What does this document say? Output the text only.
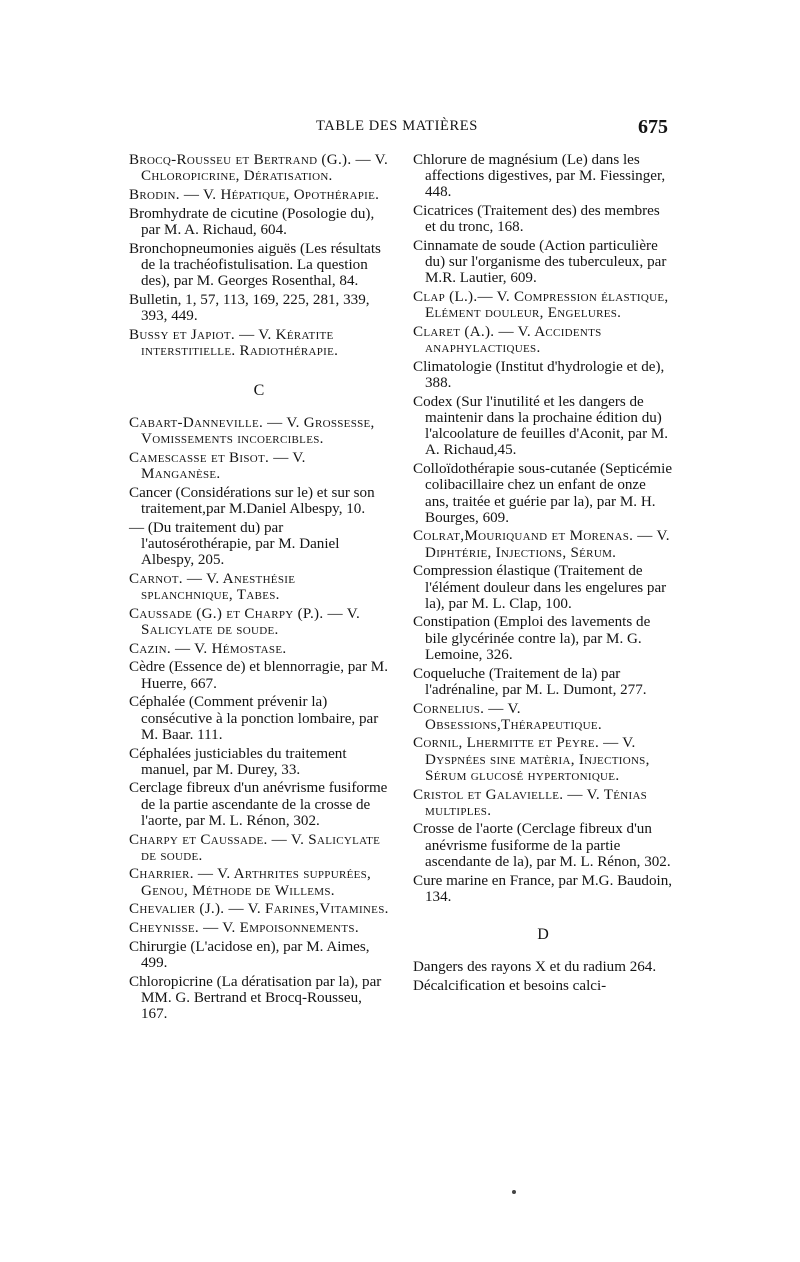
TABLE DES MATIÈRES	675

Brocq-Rousseu et Bertrand (G.). — V. Chloropicrine, Dératisation.

Brodin. — V. Hépatique, Opothérapie.

Bromhydrate de cicutine (Posologie du), par M. A. Richaud, 604.

Bronchopneumonies aiguës (Les résultats de la trachéofistulisation. La question des), par M. Georges Rosenthal, 84.

Bulletin, 1, 57, 113, 169, 225, 281, 339, 393, 449.

Bussy et Japiot. — V. Kératite interstitielle. Radiothérapie.

C

Cabart-Danneville. — V. Grossesse, Vomissements incoercibles.

Camescasse et Bisot. — V. Manganèse.

Cancer (Considérations sur le) et sur son traitement,par M.Daniel Albespy, 10.

— (Du traitement du) par l'autosérothérapie, par M. Daniel Albespy, 205.

Carnot. — V. Anesthésie splanchnique, Tabes.

Caussade (G.) et Charpy (P.). — V. Salicylate de soude.

Cazin. — V. Hémostase.

Cèdre (Essence de) et blennorragie, par M. Huerre, 667.

Céphalée (Comment prévenir la) consécutive à la ponction lombaire, par M. Baar. 111.

Céphalées justiciables du traitement manuel, par M. Durey, 33.

Cerclage fibreux d'un anévrisme fusiforme de la partie ascendante de la crosse de l'aorte, par M. L. Rénon, 302.

Charpy et Caussade. — V. Salicylate de soude.

Charrier. — V. Arthrites suppurées, Genou, Méthode de Willems.

Chevalier (J.). — V. Farines,Vitamines.

Cheynisse. — V. Empoisonnements.

Chirurgie (L'acidose en), par M. Aimes, 499.

Chloropicrine (La dératisation par la), par MM. G. Bertrand et Brocq-Rousseu, 167.

Chlorure de magnésium (Le) dans les affections digestives, par M. Fiessinger, 448.

Cicatrices (Traitement des) des membres et du tronc, 168.

Cinnamate de soude (Action particulière du) sur l'organisme des tuberculeux, par M.R. Lautier, 609.

Clap (L.).— V. Compression élastique, Elément douleur, Engelures.

Claret (A.). — V. Accidents anaphylactiques.

Climatologie (Institut d'hydrologie et de), 388.

Codex (Sur l'inutilité et les dangers de maintenir dans la prochaine édition du) l'alcoolature de feuilles d'Aconit, par M. A. Richaud,45.

Colloïdothérapie sous-cutanée (Septicémie colibacillaire chez un enfant de onze ans, traitée et guérie par la), par M. H. Bourges, 609.

Colrat,Mouriquand et Morenas. — V. Diphtérie, Injections, Sérum.

Compression élastique (Traitement de l'élément douleur dans les engelures par la), par M. L. Clap, 100.

Constipation (Emploi des lavements de bile glycérinée contre la), par M. G. Lemoine, 326.

Coqueluche (Traitement de la) par l'adrénaline, par M. L. Dumont, 277.

Cornelius. — V. Obsessions,Thérapeutique.

Cornil, Lhermitte et Peyre. — V. Dyspnées sine matèria, Injections, Sérum glucosé hypertonique.

Cristol et Galavielle. — V. Ténias multiples.

Crosse de l'aorte (Cerclage fibreux d'un anévrisme fusiforme de la partie ascendante de la), par M. L. Rénon, 302.

Cure marine en France, par M.G. Baudoin, 134.

D

Dangers des rayons X et du radium 264.

Décalcification et besoins calci-
